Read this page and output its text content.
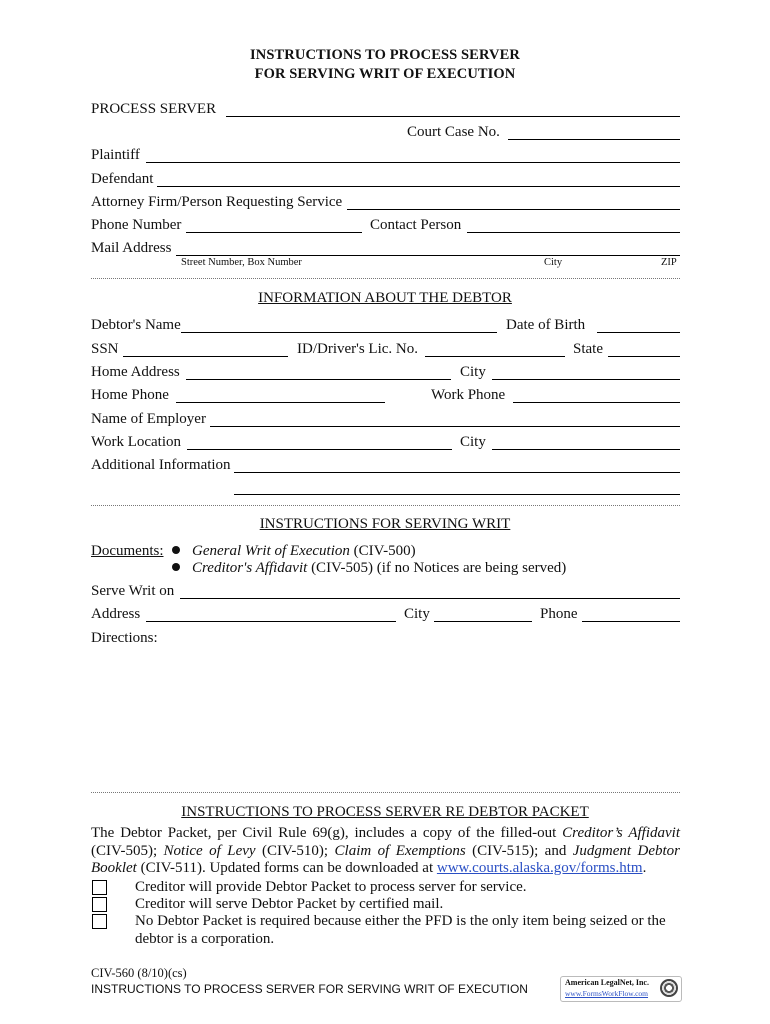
INSTRUCTIONS TO PROCESS SERVER
FOR SERVING WRIT OF EXECUTION
PROCESS SERVER
Court Case No.
Plaintiff
Defendant
Attorney Firm/Person Requesting Service
Phone Number	Contact Person
Mail Address
Street Number, Box Number	City	ZIP
INFORMATION ABOUT THE DEBTOR
Debtor's Name	Date of Birth
SSN	ID/Driver's Lic. No.	State
Home Address	City
Home Phone	Work Phone
Name of Employer
Work Location	City
Additional Information
INSTRUCTIONS FOR SERVING WRIT
Documents: General Writ of Execution (CIV-500)
Creditor's Affidavit (CIV-505) (if no Notices are being served)
Serve Writ on
Address	City	Phone
Directions:
INSTRUCTIONS TO PROCESS SERVER RE DEBTOR PACKET
The Debtor Packet, per Civil Rule 69(g), includes a copy of the filled-out Creditor’s Affidavit (CIV-505); Notice of Levy (CIV-510); Claim of Exemptions (CIV-515); and Judgment Debtor Booklet (CIV-511). Updated forms can be downloaded at www.courts.alaska.gov/forms.htm.
Creditor will provide Debtor Packet to process server for service.
Creditor will serve Debtor Packet by certified mail.
No Debtor Packet is required because either the PFD is the only item being seized or the debtor is a corporation.
CIV-560 (8/10)(cs)
INSTRUCTIONS TO PROCESS SERVER FOR SERVING WRIT OF EXECUTION	American LegalNet, Inc.
www.FormsWorkFlow.com
